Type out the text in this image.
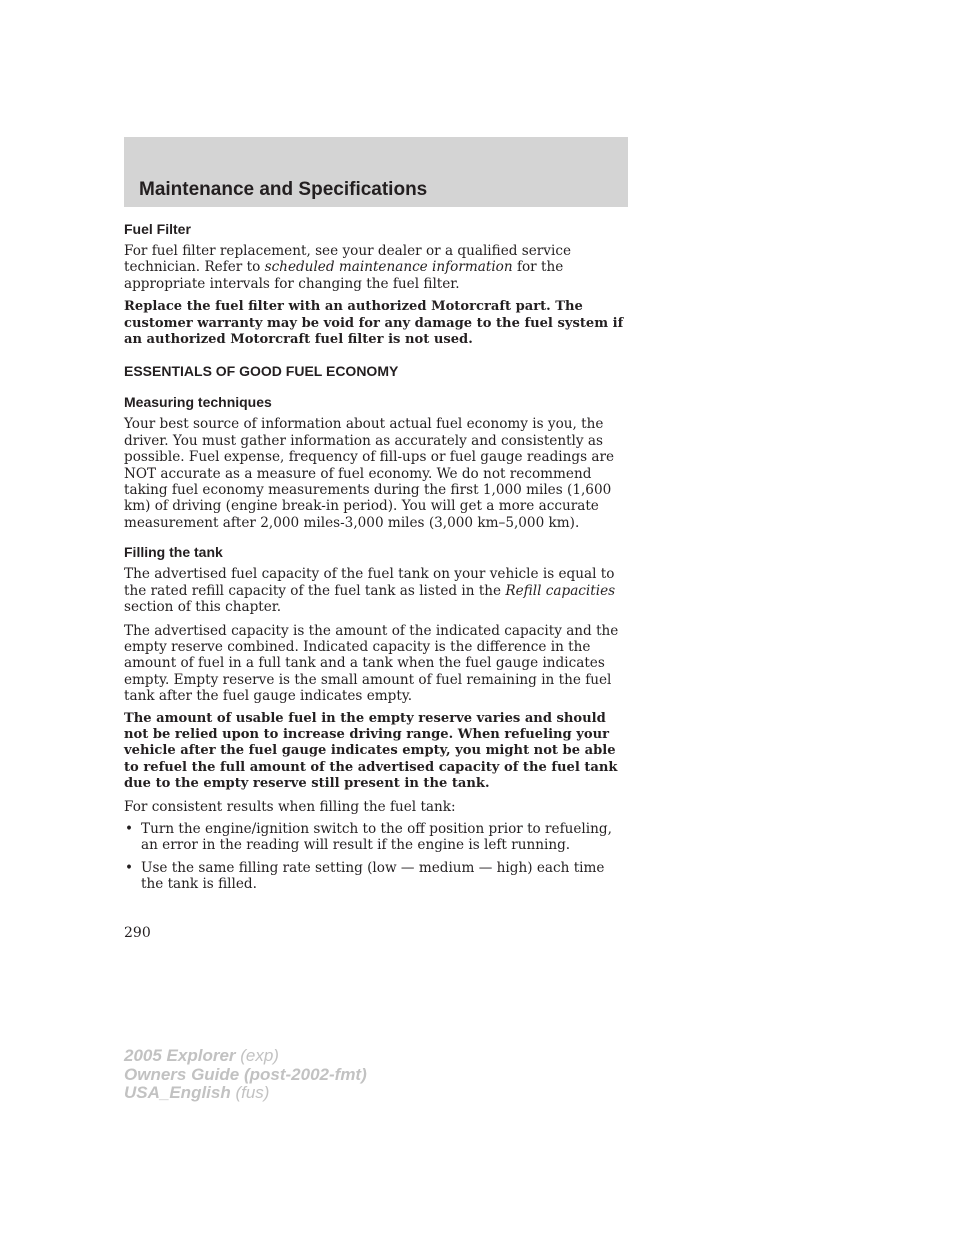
Maintenance and Specifications
Fuel Filter

For fuel filter replacement, see your dealer or a qualified service technician. Refer to scheduled maintenance information for the appropriate intervals for changing the fuel filter.

Replace the fuel filter with an authorized Motorcraft part. The customer warranty may be void for any damage to the fuel system if an authorized Motorcraft fuel filter is not used.

ESSENTIALS OF GOOD FUEL ECONOMY
Measuring techniques

Your best source of information about actual fuel economy is you, the driver. You must gather information as accurately and consistently as possible. Fuel expense, frequency of fill-ups or fuel gauge readings are NOT accurate as a measure of fuel economy. We do not recommend taking fuel economy measurements during the first 1,000 miles (1,600 km) of driving (engine break-in period). You will get a more accurate measurement after 2,000 miles-3,000 miles (3,000 km–5,000 km).

Filling the tank

The advertised fuel capacity of the fuel tank on your vehicle is equal to the rated refill capacity of the fuel tank as listed in the Refill capacities section of this chapter.

The advertised capacity is the amount of the indicated capacity and the empty reserve combined. Indicated capacity is the difference in the amount of fuel in a full tank and a tank when the fuel gauge indicates empty. Empty reserve is the small amount of fuel remaining in the fuel tank after the fuel gauge indicates empty.

The amount of usable fuel in the empty reserve varies and should not be relied upon to increase driving range. When refueling your vehicle after the fuel gauge indicates empty, you might not be able to refuel the full amount of the advertised capacity of the fuel tank due to the empty reserve still present in the tank.

For consistent results when filling the fuel tank:

• Turn the engine/ignition switch to the off position prior to refueling, an error in the reading will result if the engine is left running.
• Use the same filling rate setting (low — medium — high) each time the tank is filled.
290
2005 Explorer (exp)
Owners Guide (post-2002-fmt)
USA_English (fus)
